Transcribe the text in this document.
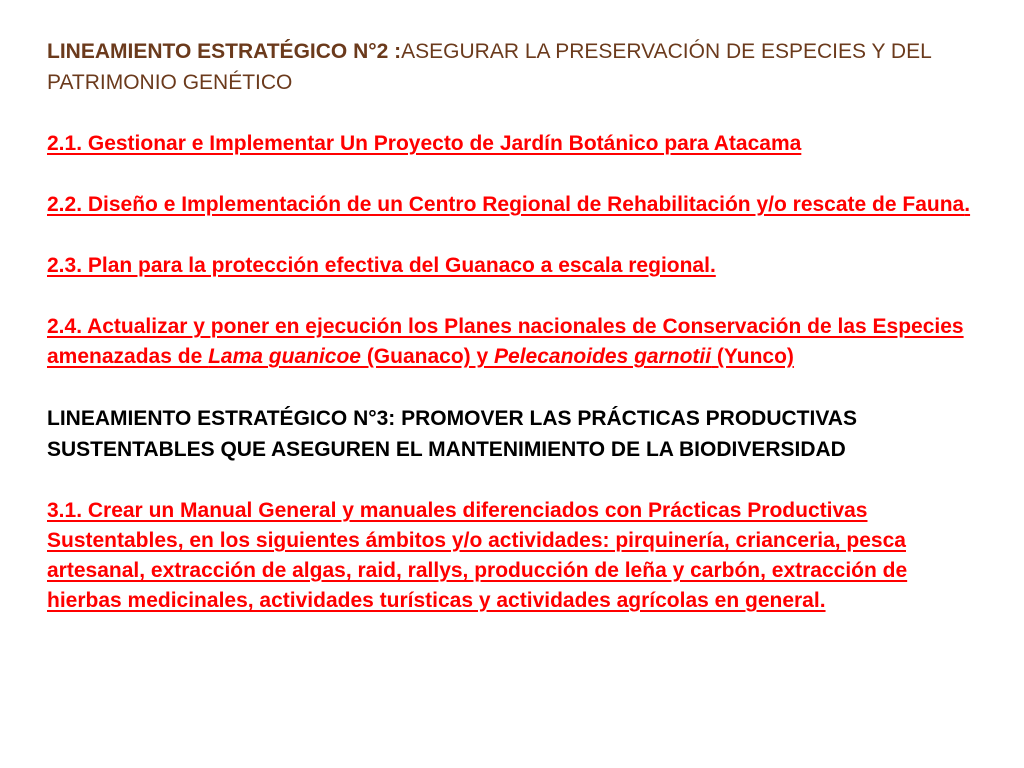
LINEAMIENTO ESTRATÉGICO N°2 :ASEGURAR LA PRESERVACIÓN DE ESPECIES Y DEL PATRIMONIO GENÉTICO

2.1. Gestionar e Implementar Un Proyecto de Jardín Botánico para Atacama

2.2. Diseño e Implementación de un Centro Regional de Rehabilitación y/o rescate de Fauna.

2.3. Plan para la protección efectiva del Guanaco a escala regional.

2.4. Actualizar y poner en ejecución los Planes nacionales de Conservación de las Especies amenazadas de Lama guanicoe (Guanaco) y Pelecanoides garnotii (Yunco)

LINEAMIENTO ESTRATÉGICO N°3: PROMOVER LAS PRÁCTICAS PRODUCTIVAS SUSTENTABLES QUE ASEGUREN EL MANTENIMIENTO DE LA BIODIVERSIDAD

3.1. Crear un Manual General y manuales diferenciados con Prácticas Productivas Sustentables, en los siguientes ámbitos y/o actividades: pirquinería, crianceria, pesca artesanal, extracción de algas, raid, rallys, producción de leña y carbón, extracción de hierbas medicinales, actividades turísticas y actividades agrícolas en general.
